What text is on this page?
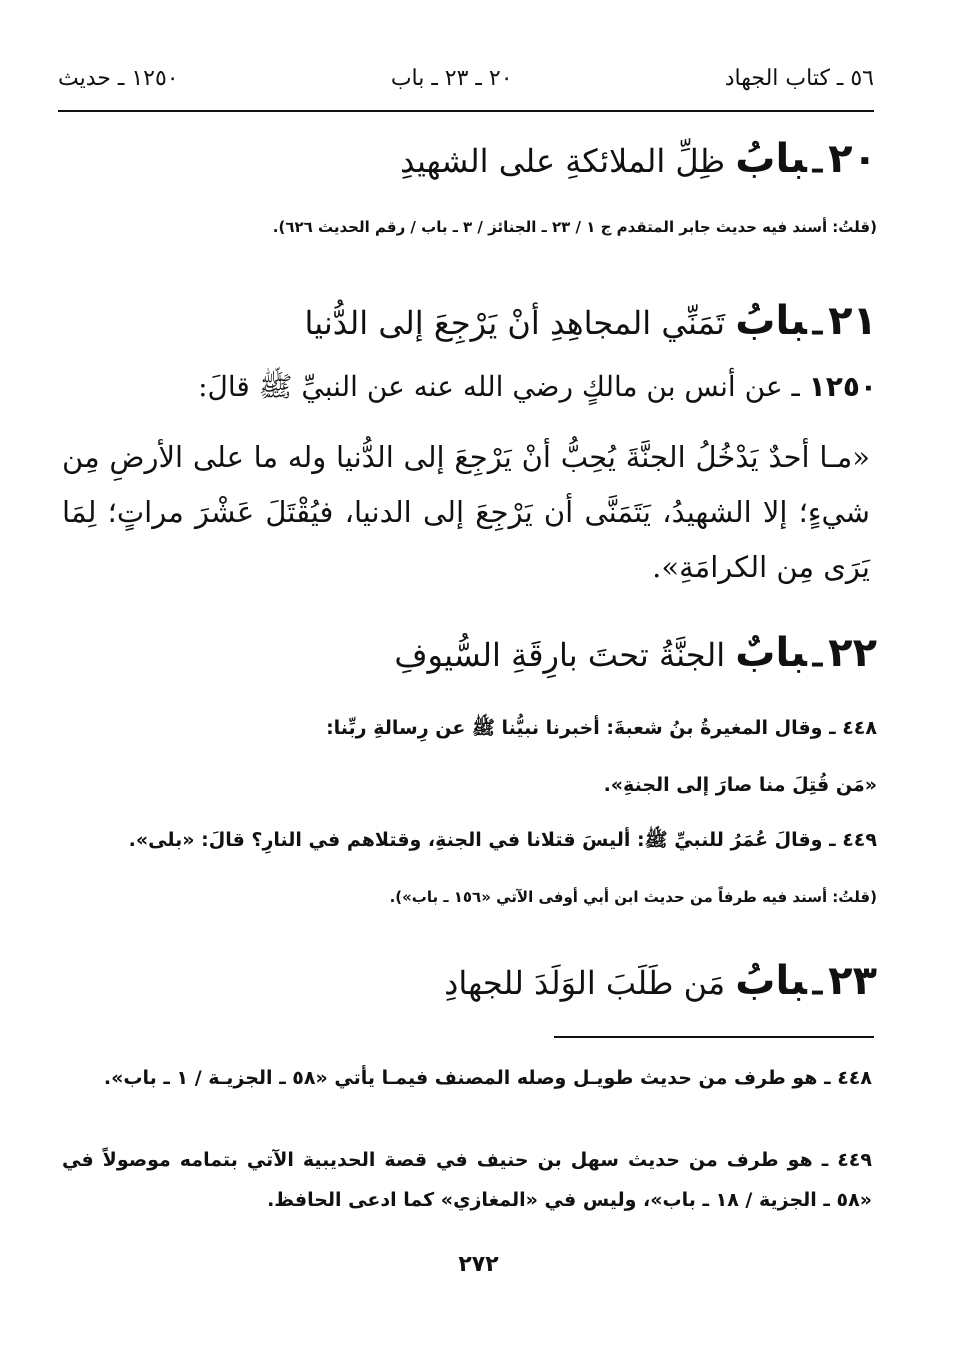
٥٦ ـ كتاب الجهاد
٢٠ ـ ٢٣ ـ باب
١٢٥٠ ـ حديث
٢٠ـبابُ ظِلِّ الملائكةِ على الشهيدِ
(قلتُ: أسند فيه حديث جابر المتقدم ج ١ / ٢٣ ـ الجنائز / ٣ ـ باب / رقم الحديث ٦٢٦).
٢١ـبابُ تَمَنِّي المجاهِدِ أنْ يَرْجِعَ إلى الدُّنيا
١٢٥٠ ـ عن أنس بن مالكٍ رضي الله عنه عن النبيِّ ﷺ قالَ:
«مـا أحدٌ يَدْخُلُ الجنَّةَ يُحِبُّ أنْ يَرْجِعَ إلى الدُّنيا وله ما على الأرضِ مِن شيءٍ؛ إلا الشهيدُ، يَتَمَنَّى أن يَرْجِعَ إلى الدنيا، فيُقْتَلَ عَشْرَ مراتٍ؛ لِمَا يَرَى مِن الكرامَةِ».
٢٢ـبابٌ الجنَّةُ تحتَ بارِقَةِ السُّيوفِ
٤٤٨ ـ وقال المغيرةُ بنُ شعبةَ: أخبرنا نبيُّنا ﷺ عن رِسالةِ ربِّنا:
«مَن قُتِلَ منا صارَ إلى الجنةِ».
٤٤٩ ـ وقالَ عُمَرُ للنبيِّ ﷺ: أليسَ قتلانا في الجنةِ، وقتلاهم في النارِ؟ قالَ: «بلى».
(قلتُ: أسند فيه طرفاً من حديث ابن أبي أوفى الآتي «١٥٦ ـ باب»).
٢٣ـبابُ مَن طَلَبَ الوَلَدَ للجهادِ
٤٤٨ ـ هو طرف من حديث طويـل وصله المصنف فيمـا يأتي «٥٨ ـ الجزيـة / ١ ـ باب».
٤٤٩ ـ هو طرف من حديث سهل بن حنيف في قصة الحديبية الآتي بتمامه موصولاً في «٥٨ ـ الجزية / ١٨ ـ باب»، وليس في «المغازي» كما ادعى الحافظ.
٢٧٢
